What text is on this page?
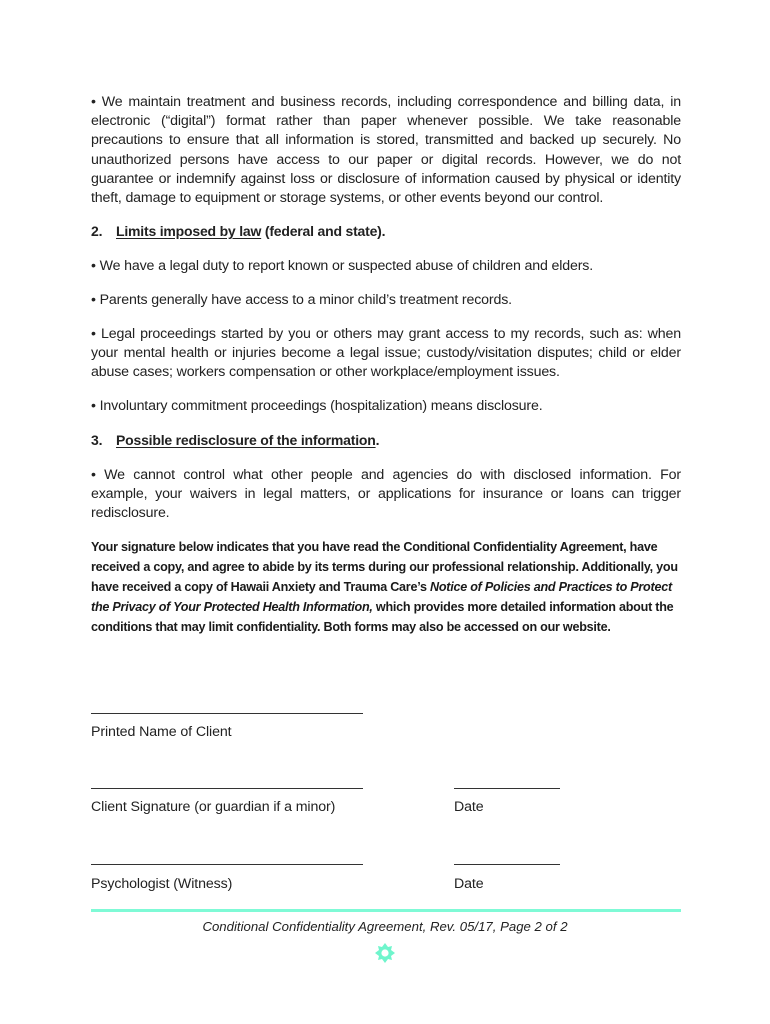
• We maintain treatment and business records, including correspondence and billing data, in electronic (“digital”) format rather than paper whenever possible. We take reasonable precautions to ensure that all information is stored, transmitted and backed up securely. No unauthorized persons have access to our paper or digital records. However, we do not guarantee or indemnify against loss or disclosure of information caused by physical or identity theft, damage to equipment or storage systems, or other events beyond our control.

2. Limits imposed by law (federal and state).

• We have a legal duty to report known or suspected abuse of children and elders.

• Parents generally have access to a minor child’s treatment records.

• Legal proceedings started by you or others may grant access to my records, such as: when your mental health or injuries become a legal issue; custody/visitation disputes; child or elder abuse cases; workers compensation or other workplace/employment issues.

• Involuntary commitment proceedings (hospitalization) means disclosure.

3. Possible redisclosure of the information.

• We cannot control what other people and agencies do with disclosed information. For example, your waivers in legal matters, or applications for insurance or loans can trigger redisclosure.

Your signature below indicates that you have read the Conditional Confidentiality Agreement, have received a copy, and agree to abide by its terms during our professional relationship. Additionally, you have received a copy of Hawaii Anxiety and Trauma Care’s Notice of Policies and Practices to Protect the Privacy of Your Protected Health Information, which provides more detailed information about the conditions that may limit confidentiality. Both forms may also be accessed on our website.

Printed Name of Client
Client Signature (or guardian if a minor)	Date
Psychologist (Witness)	Date
Conditional Confidentiality Agreement, Rev. 05/17, Page 2 of 2
